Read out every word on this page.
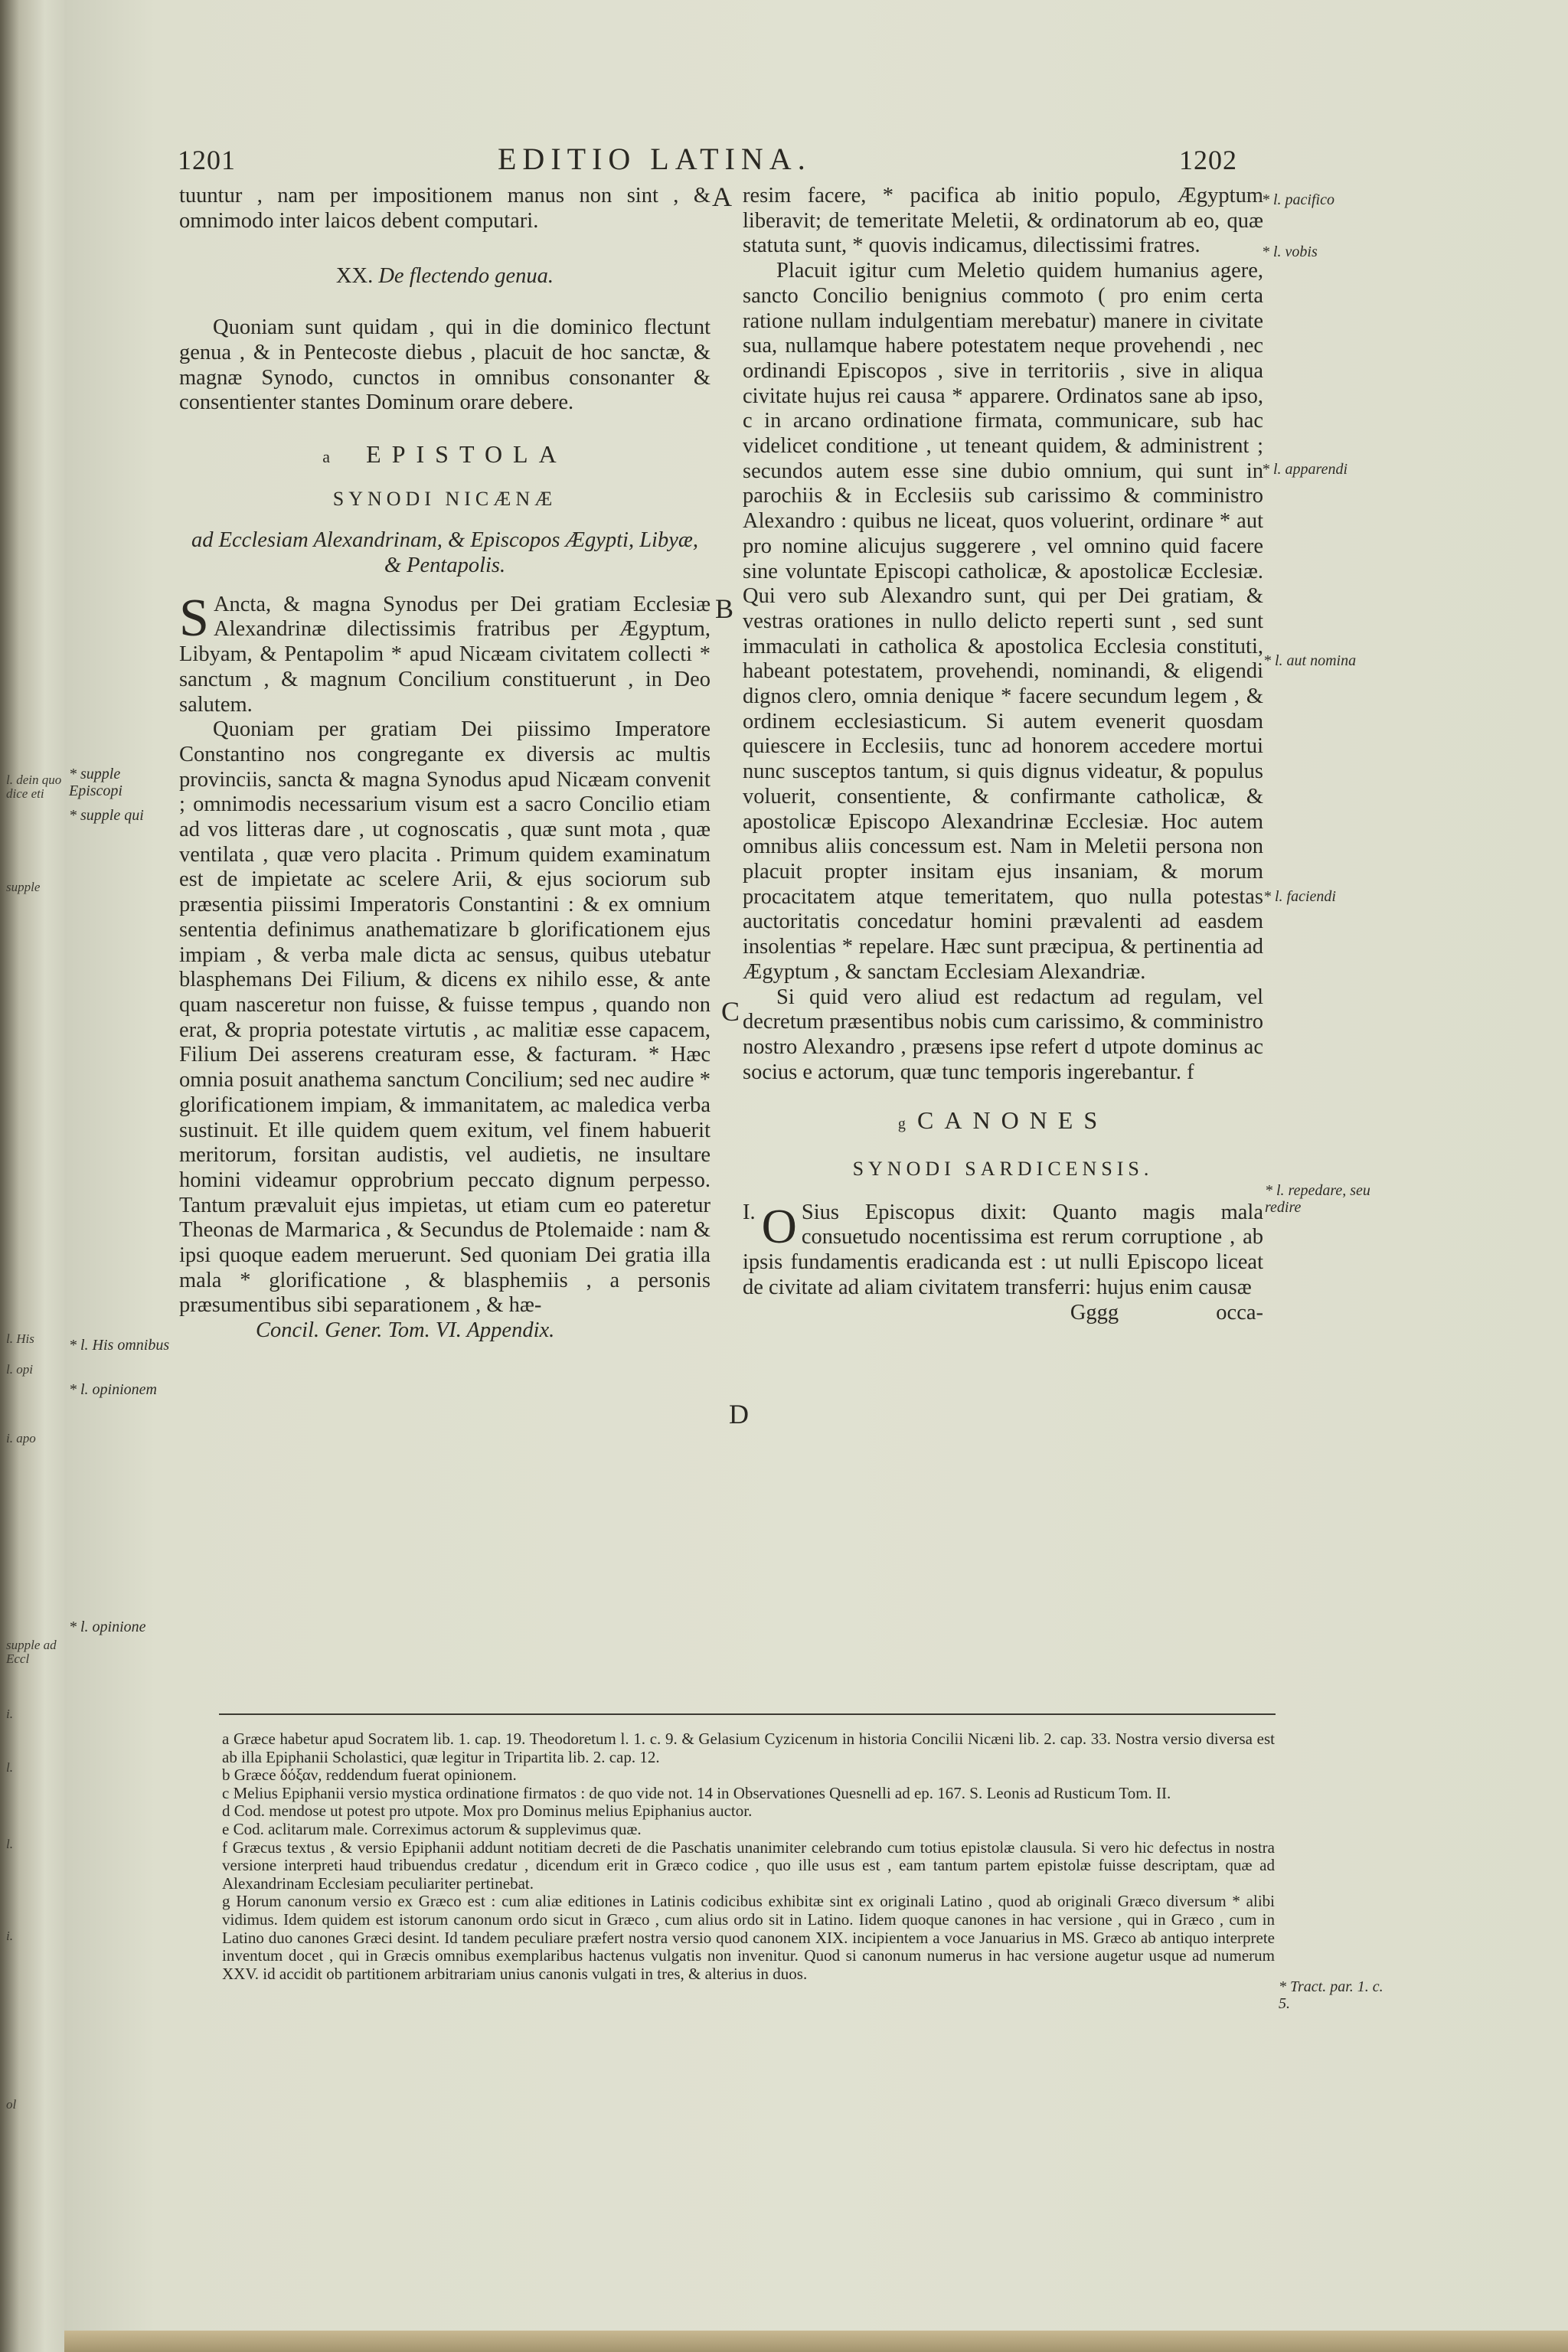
l. dein quo dice eti
supple
l. His
l. opi
i. apo
supple ad Eccl
i.
l.
l.
i.
ol
1201	EDITIO LATINA.	1202
A
B
C
D

tuuntur , nam per impositionem manus non sint , & omnimodo inter laicos debent computari.

XX. De flectendo genua.

Quoniam sunt quidam , qui in die dominico flectunt genua , & in Pentecoste diebus , placuit de hoc sanctæ, & magnæ Synodo, cunctos in omnibus consonanter & consentienter stantes Dominum orare debere.

a EPISTOLA

SYNODI NICÆNÆ

ad Ecclesiam Alexandrinam, & Episcopos Ægypti, Libyæ, & Pentapolis.

S Ancta, & magna Synodus per Dei gratiam Ecclesiæ Alexandrinæ dilectissimis fratribus per Ægyptum, Libyam, & Pentapolim * apud Nicæam civitatem collecti * sanctum , & magnum Concilium constituerunt , in Deo salutem.

Quoniam per gratiam Dei piissimo Imperatore Constantino nos congregante ex diversis ac multis provinciis, sancta & magna Synodus apud Nicæam convenit ; omnimodis necessarium visum est a sacro Concilio etiam ad vos litteras dare , ut cognoscatis , quæ sunt mota , quæ ventilata , quæ vero placita . Primum quidem examinatum est de impietate ac scelere Arii, & ejus sociorum sub præsentia piissimi Imperatoris Constantini : & ex omnium sententia definimus anathematizare b glorificationem ejus impiam , & verba male dicta ac sensus, quibus utebatur blasphemans Dei Filium, & dicens ex nihilo esse, & ante quam nasceretur non fuisse, & fuisse tempus , quando non erat, & propria potestate virtutis , ac malitiæ esse capacem, Filium Dei asserens creaturam esse, & facturam. * Hæc omnia posuit anathema sanctum Concilium; sed nec audire * glorificationem impiam, & immanitatem, ac maledica verba sustinuit. Et ille quidem quem exitum, vel finem habuerit meritorum, forsitan audistis, vel audietis, ne insultare homini videamur opprobrium peccato dignum perpesso. Tantum prævaluit ejus impietas, ut etiam cum eo pateretur Theonas de Marmarica , & Secundus de Ptolemaide : nam & ipsi quoque eadem meruerunt. Sed quoniam Dei gratia illa mala * glorificatione , & blasphemiis , a personis præsumentibus sibi separationem , & hæ-

Concil. Gener. Tom. VI. Appendix.

resim facere, * pacifica ab initio populo, Ægyptum liberavit; de temeritate Meletii, & ordinatorum ab eo, quæ statuta sunt, * quovis indicamus, dilectissimi fratres.

Placuit igitur cum Meletio quidem humanius agere, sancto Concilio benignius commoto ( pro enim certa ratione nullam indulgentiam merebatur) manere in civitate sua, nullamque habere potestatem neque provehendi , nec ordinandi Episcopos , sive in territoriis , sive in aliqua civitate hujus rei causa * apparere. Ordinatos sane ab ipso, c in arcano ordinatione firmata, communicare, sub hac videlicet conditione , ut teneant quidem, & administrent ; secundos autem esse sine dubio omnium, qui sunt in parochiis & in Ecclesiis sub carissimo & comministro Alexandro : quibus ne liceat, quos voluerint, ordinare * aut pro nomine alicujus suggerere , vel omnino quid facere sine voluntate Episcopi catholicæ, & apostolicæ Ecclesiæ. Qui vero sub Alexandro sunt, qui per Dei gratiam, & vestras orationes in nullo delicto reperti sunt , sed sunt immaculati in catholica & apostolica Ecclesia constituti, habeant potestatem, provehendi, nominandi, & eligendi dignos clero, omnia denique * facere secundum legem , & ordinem ecclesiasticum. Si autem evenerit quosdam quiescere in Ecclesiis, tunc ad honorem accedere mortui nunc susceptos tantum, si quis dignus videatur, & populus voluerit, consentiente, & confirmante catholicæ, & apostolicæ Episcopo Alexandrinæ Ecclesiæ. Hoc autem omnibus aliis concessum est. Nam in Meletii persona non placuit propter insitam ejus insaniam, & morum procacitatem atque temeritatem, quo nulla potestas auctoritatis concedatur homini prævalenti ad easdem insolentias * repelare. Hæc sunt præcipua, & pertinentia ad Ægyptum , & sanctam Ecclesiam Alexandriæ.

Si quid vero aliud est redactum ad regulam, vel decretum præsentibus nobis cum carissimo, & comministro nostro Alexandro , præsens ipse refert d utpote dominus ac socius e actorum, quæ tunc temporis ingerebantur. f

g CANONES

SYNODI SARDICENSIS.

I. O Sius Episcopus dixit: Quanto magis mala consuetudo nocentissima est rerum corruptione , ab ipsis fundamentis eradicanda est : ut nulli Episcopo liceat de civitate ad aliam civitatem transferri: hujus enim causæ

Gggg	occa-

* supple Episcopi
* supple qui
* l. His omnibus
* l. opinionem
* l. opinione
* l. pacifico
* l. vobis
* l. apparendi
* l. aut nomina
* l. faciendi
* l. repedare, seu redire
* Tract. par. 1. c. 5.

a Græce habetur apud Socratem lib. 1. cap. 19. Theodoretum l. 1. c. 9. & Gelasium Cyzicenum in historia Concilii Nicæni lib. 2. cap. 33. Nostra versio diversa est ab illa Epiphanii Scholastici, quæ legitur in Tripartita lib. 2. cap. 12.

b Græce δόξαν, reddendum fuerat opinionem.

c Melius Epiphanii versio mystica ordinatione firmatos : de quo vide not. 14 in Observationes Quesnelli ad ep. 167. S. Leonis ad Rusticum Tom. II.

d Cod. mendose ut potest pro utpote. Mox pro Dominus melius Epiphanius auctor.

e Cod. aclitarum male. Correximus actorum & supplevimus quæ.

f Græcus textus , & versio Epiphanii addunt notitiam decreti de die Paschatis unanimiter celebrando cum totius epistolæ clausula. Si vero hic defectus in nostra versione interpreti haud tribuendus credatur , dicendum erit in Græco codice , quo ille usus est , eam tantum partem epistolæ fuisse descriptam, quæ ad Alexandrinam Ecclesiam peculiariter pertinebat.

g Horum canonum versio ex Græco est : cum aliæ editiones in Latinis codicibus exhibitæ sint ex originali Latino , quod ab originali Græco diversum * alibi vidimus. Idem quidem est istorum canonum ordo sicut in Græco , cum alius ordo sit in Latino. Iidem quoque canones in hac versione , qui in Græco , cum in Latino duo canones Græci desint. Id tandem peculiare præfert nostra versio quod canonem XIX. incipientem a voce Januarius in MS. Græco ab antiquo interprete inventum docet , qui in Græcis omnibus exemplaribus hactenus vulgatis non invenitur. Quod si canonum numerus in hac versione augetur usque ad numerum XXV. id accidit ob partitionem arbitrariam unius canonis vulgati in tres, & alterius in duos.
